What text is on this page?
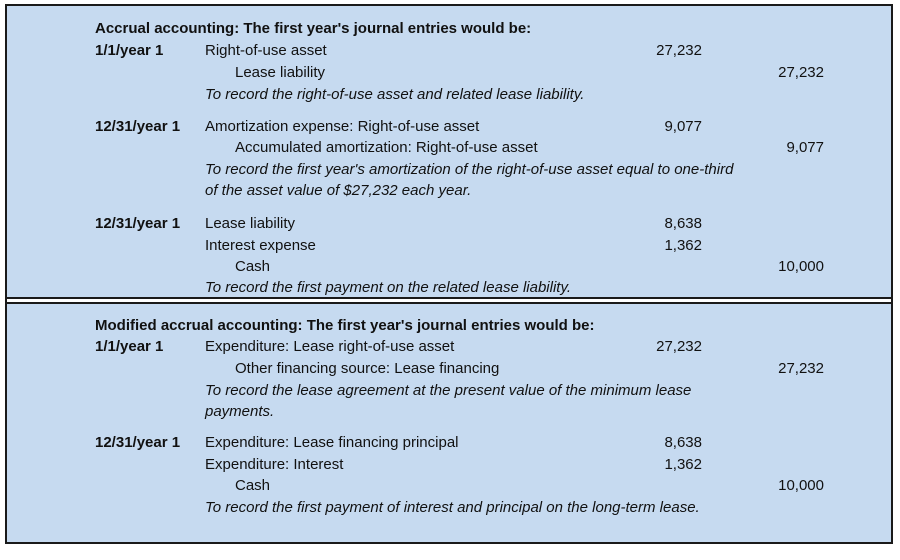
Accrual accounting: The first year's journal entries would be:
1/1/year 1	Right-of-use asset	27,232
Lease liability	27,232
To record the right-of-use asset and related lease liability.
12/31/year 1 Amortization expense: Right-of-use asset	9,077
Accumulated amortization: Right-of-use asset	9,077
To record the first year's amortization of the right-of-use asset equal to one-third
of the asset value of $27,232 each year.
12/31/year 1 Lease liability	8,638
Interest expense	1,362
Cash	10,000
To record the first payment on the related lease liability.
Modified accrual accounting: The first year's journal entries would be:
1/1/year 1	Expenditure: Lease right-of-use asset	27,232
Other financing source: Lease financing	27,232
To record the lease agreement at the present value of the minimum lease
payments.
12/31/year 1 Expenditure: Lease financing principal	8,638
Expenditure: Interest	1,362
Cash	10,000
To record the first payment of interest and principal on the long-term lease.
